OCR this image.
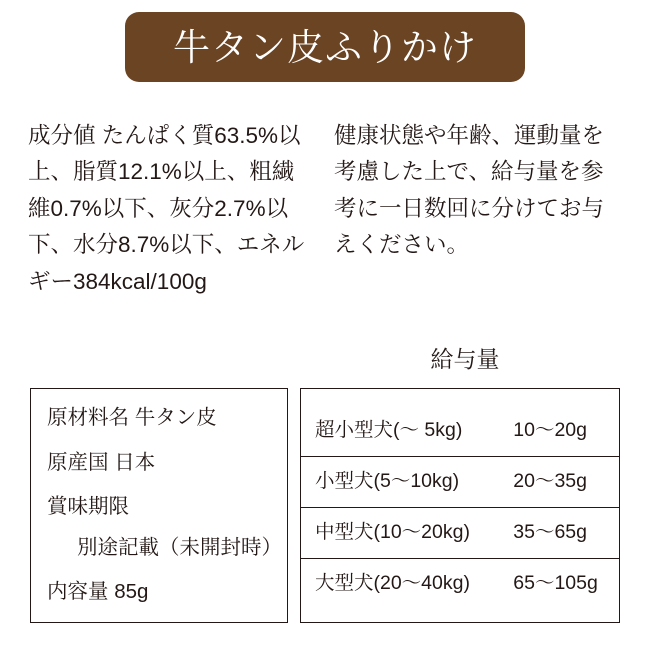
牛タン皮ふりかけ

成分値 たんぱく質63.5%以上、脂質12.1%以上、粗繊維0.7%以下、灰分2.7%以下、水分8.7%以下、エネルギー384kcal/100g

健康状態や年齢、運動量を考慮した上で、給与量を参考に一日数回に分けてお与えください。

給与量
原材料名 牛タン皮
原産国 日本
賞味期限
別途記載（未開封時）
内容量 85g
超小型犬(〜 5kg)	10〜20g
小型犬(5〜10kg)	20〜35g
中型犬(10〜20kg)	35〜65g
大型犬(20〜40kg)	65〜105g
